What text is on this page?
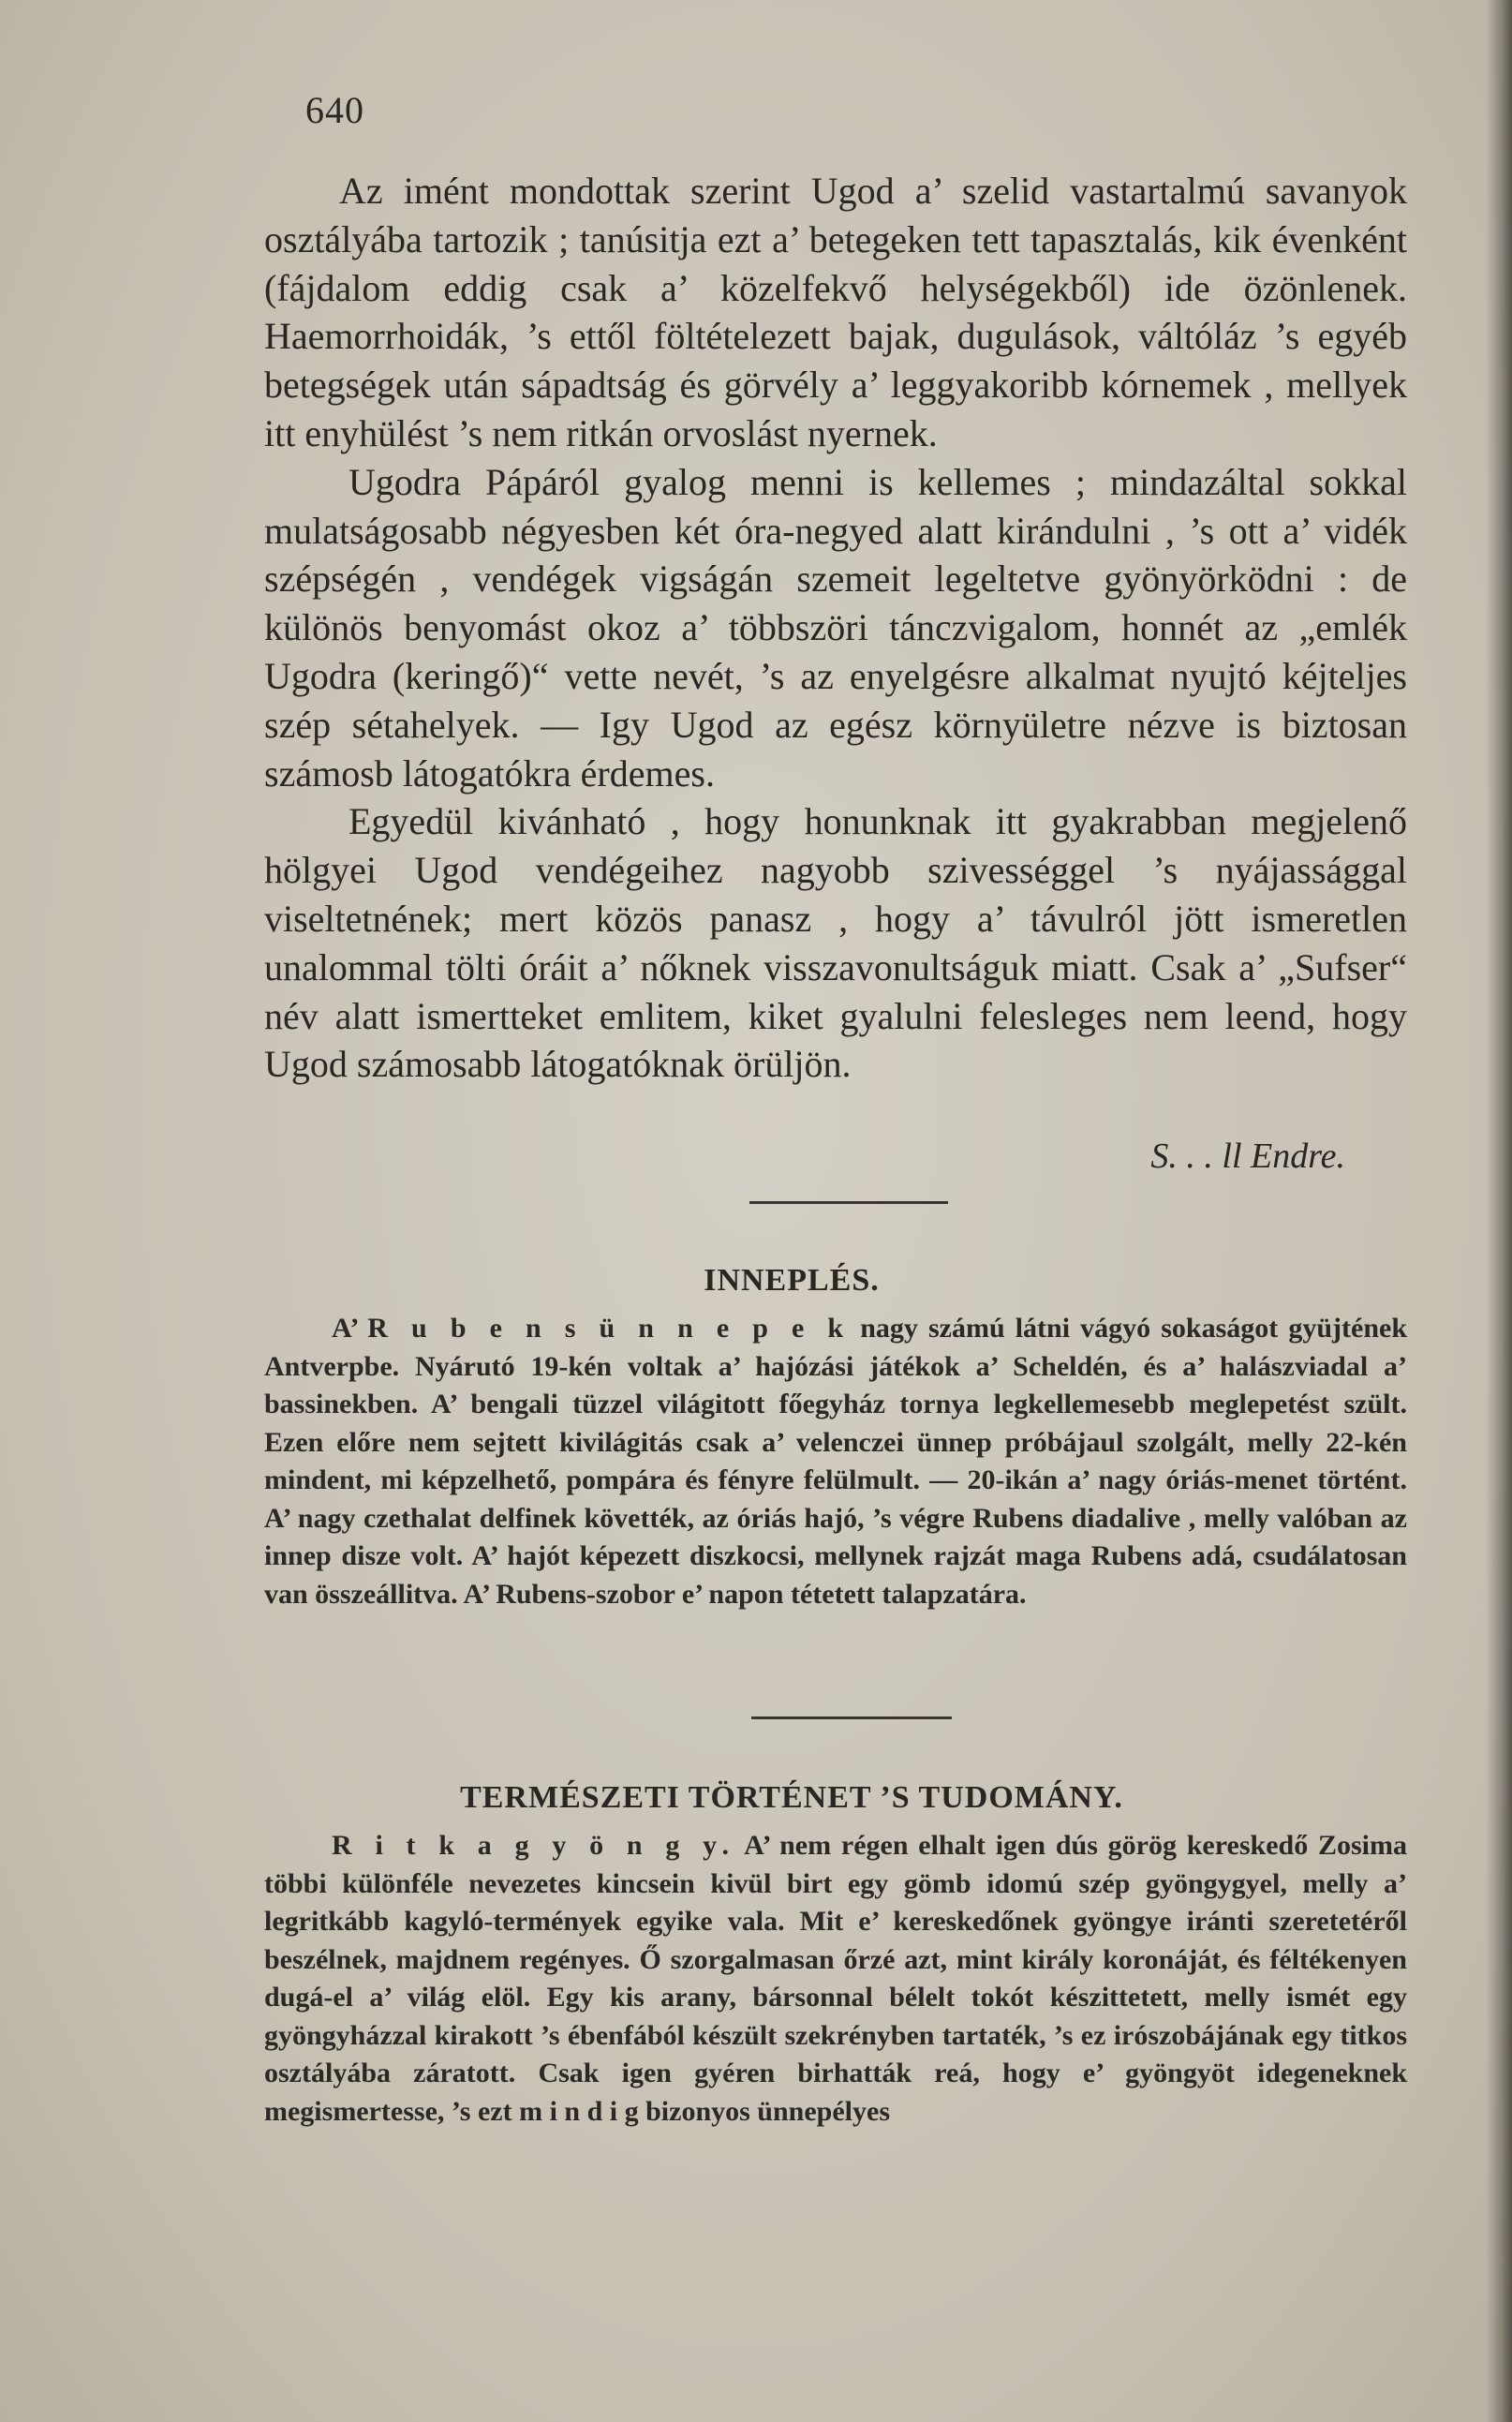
640

Az imént mondottak szerint Ugod a’ szelid vastartalmú savanyok osztályába tartozik ; tanúsitja ezt a’ betegeken tett tapasztalás, kik évenként (fájdalom eddig csak a’ közelfekvő helységekből) ide özönlenek. Haemorrhoidák, ’s ettől föltételezett bajak, dugulások, váltóláz ’s egyéb betegségek után sápadtság és görvély a’ leggyakoribb kórnemek , mellyek itt enyhülést ’s nem ritkán orvoslást nyernek.

Ugodra Pápáról gyalog menni is kellemes ; mindazáltal sokkal mulatságosabb négyesben két óra-negyed alatt kirándulni , ’s ott a’ vidék szépségén , vendégek vigságán szemeit legeltetve gyönyörködni : de különös benyomást okoz a’ többszöri tánczvigalom, honnét az „emlék Ugodra (keringő)“ vette nevét, ’s az enyelgésre alkalmat nyujtó kéjteljes szép sétahelyek. — Igy Ugod az egész környületre nézve is biztosan számosb látogatókra érdemes.

Egyedül kivánható , hogy honunknak itt gyakrabban megjelenő hölgyei Ugod vendégeihez nagyobb szivességgel ’s nyájassággal viseltetnének; mert közös panasz , hogy a’ távulról jött ismeretlen unalommal tölti óráit a’ nőknek visszavonultságuk miatt. Csak a’ „Sufser“ név alatt ismertteket emlitem, kiket gyalulni felesleges nem leend, hogy Ugod számosabb látogatóknak örüljön.

S. . . ll Endre.
INNEPLÉS.

A’ R u b e n s ü n n e p e k nagy számú látni vágyó sokaságot gyüjtének Antverpbe. Nyárutó 19-kén voltak a’ hajózási játékok a’ Scheldén, és a’ halászviadal a’ bassinekben. A’ bengali tüzzel világitott főegyház tornya legkellemesebb meglepetést szült. Ezen előre nem sejtett kivilágitás csak a’ velenczei ünnep próbájaul szolgált, melly 22-kén mindent, mi képzelhető, pompára és fényre felülmult. — 20-ikán a’ nagy óriás-menet történt. A’ nagy czethalat delfinek követték, az óriás hajó, ’s végre Rubens diadalive , melly valóban az innep disze volt. A’ hajót képezett diszkocsi, mellynek rajzát maga Rubens adá, csudálatosan van összeállitva. A’ Rubens-szobor e’ napon tétetett talapzatára.

TERMÉSZETI TÖRTÉNET ’S TUDOMÁNY.

R i t k a g y ö n g y. A’ nem régen elhalt igen dús görög kereskedő Zosima többi különféle nevezetes kincsein kivül birt egy gömb idomú szép gyöngygyel, melly a’ legritkább kagyló-termények egyike vala. Mit e’ kereskedőnek gyöngye iránti szeretetéről beszélnek, majdnem regényes. Ő szorgalmasan őrzé azt, mint király koronáját, és féltékenyen dugá-el a’ világ elöl. Egy kis arany, bársonnal bélelt tokót készittetett, melly ismét egy gyöngyházzal kirakott ’s ébenfából készült szekrényben tartaték, ’s ez irószobájának egy titkos osztályába záratott. Csak igen gyéren birhatták reá, hogy e’ gyöngyöt idegeneknek megismertesse, ’s ezt m i n d i g bizonyos ünnepélyes
